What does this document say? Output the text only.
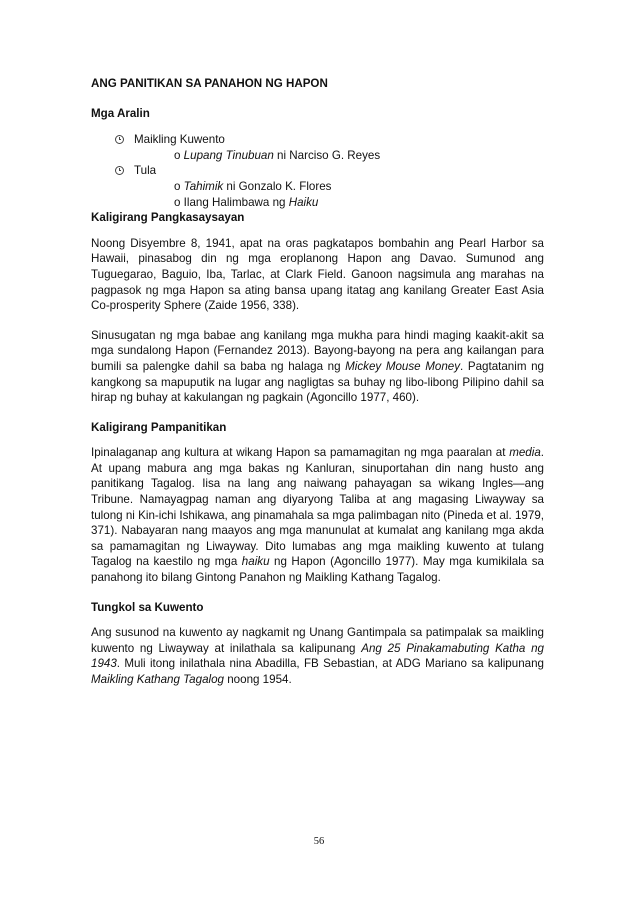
ANG PANITIKAN SA PANAHON NG HAPON

Mga Aralin

Maikling Kuwento

o Lupang Tinubuan ni Narciso G. Reyes

Tula

o Tahimik ni Gonzalo K. Flores

o Ilang Halimbawa ng Haiku

Kaligirang Pangkasaysayan

Noong Disyembre 8, 1941, apat na oras pagkatapos bombahin ang Pearl Harbor sa Hawaii, pinasabog din ng mga eroplanong Hapon ang Davao. Sumunod ang Tuguegarao, Baguio, Iba, Tarlac, at Clark Field. Ganoon nagsimula ang marahas na pagpasok ng mga Hapon sa ating bansa upang itatag ang kanilang Greater East Asia Co-prosperity Sphere (Zaide 1956, 338).

Sinusugatan ng mga babae ang kanilang mga mukha para hindi maging kaakit-akit sa mga sundalong Hapon (Fernandez 2013). Bayong-bayong na pera ang kailangan para bumili sa palengke dahil sa baba ng halaga ng Mickey Mouse Money. Pagtatanim ng kangkong sa mapuputik na lugar ang nagligtas sa buhay ng libo-libong Pilipino dahil sa hirap ng buhay at kakulangan ng pagkain (Agoncillo 1977, 460).

Kaligirang Pampanitikan

Ipinalaganap ang kultura at wikang Hapon sa pamamagitan ng mga paaralan at media. At upang mabura ang mga bakas ng Kanluran, sinuportahan din nang husto ang panitikang Tagalog. Iisa na lang ang naiwang pahayagan sa wikang Ingles—ang Tribune. Namayagpag naman ang diyaryong Taliba at ang magasing Liwayway sa tulong ni Kin-ichi Ishikawa, ang pinamahala sa mga palimbagan nito (Pineda et al. 1979, 371). Nabayaran nang maayos ang mga manunulat at kumalat ang kanilang mga akda sa pamamagitan ng Liwayway. Dito lumabas ang mga maikling kuwento at tulang Tagalog na kaestilo ng mga haiku ng Hapon (Agoncillo 1977). May mga kumikilala sa panahong ito bilang Gintong Panahon ng Maikling Kathang Tagalog.

Tungkol sa Kuwento

Ang susunod na kuwento ay nagkamit ng Unang Gantimpala sa patimpalak sa maikling kuwento ng Liwayway at inilathala sa kalipunang Ang 25 Pinakamabuting Katha ng 1943. Muli itong inilathala nina Abadilla, FB Sebastian, at ADG Mariano sa kalipunang Maikling Kathang Tagalog noong 1954.

56
